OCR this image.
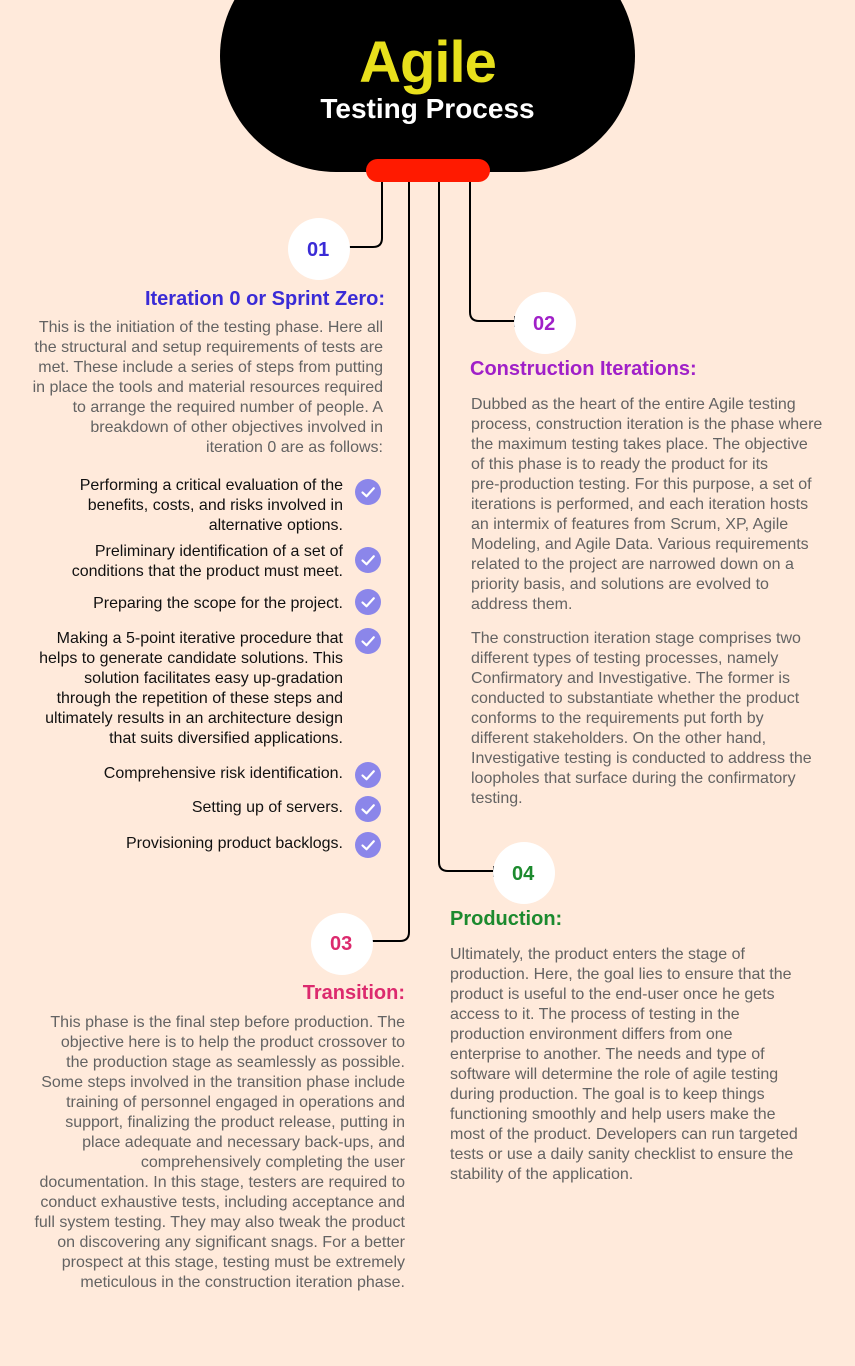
Agile
Testing Process
01
Iteration 0 or Sprint Zero:
This is the initiation of the testing phase. Here all
the structural and setup requirements of tests are
met. These include a series of steps from putting
in place the tools and material resources required
to arrange the required number of people. A
breakdown of other objectives involved in
iteration 0 are as follows:
Performing a critical evaluation of the
benefits, costs, and risks involved in
alternative options.
Preliminary identification of a set of
conditions that the product must meet.
Preparing the scope for the project.
Making a 5-point iterative procedure that
helps to generate candidate solutions. This
solution facilitates easy up-gradation
through the repetition of these steps and
ultimately results in an architecture design
that suits diversified applications.
Comprehensive risk identification.
Setting up of servers.
Provisioning product backlogs.
02
Construction Iterations:
Dubbed as the heart of the entire Agile testing
process, construction iteration is the phase where
the maximum testing takes place. The objective
of this phase is to ready the product for its
pre-production testing. For this purpose, a set of
iterations is performed, and each iteration hosts
an intermix of features from Scrum, XP, Agile
Modeling, and Agile Data. Various requirements
related to the project are narrowed down on a
priority basis, and solutions are evolved to
address them.
The construction iteration stage comprises two
different types of testing processes, namely
Confirmatory and Investigative. The former is
conducted to substantiate whether the product
conforms to the requirements put forth by
different stakeholders. On the other hand,
Investigative testing is conducted to address the
loopholes that surface during the confirmatory
testing.
03
Transition:
This phase is the final step before production. The
objective here is to help the product crossover to
the production stage as seamlessly as possible.
Some steps involved in the transition phase include
training of personnel engaged in operations and
support, finalizing the product release, putting in
place adequate and necessary back-ups, and
comprehensively completing the user
documentation. In this stage, testers are required to
conduct exhaustive tests, including acceptance and
full system testing. They may also tweak the product
on discovering any significant snags. For a better
prospect at this stage, testing must be extremely
meticulous in the construction iteration phase.
04
Production:
Ultimately, the product enters the stage of
production. Here, the goal lies to ensure that the
product is useful to the end-user once he gets
access to it. The process of testing in the
production environment differs from one
enterprise to another. The needs and type of
software will determine the role of agile testing
during production. The goal is to keep things
functioning smoothly and help users make the
most of the product. Developers can run targeted
tests or use a daily sanity checklist to ensure the
stability of the application.
